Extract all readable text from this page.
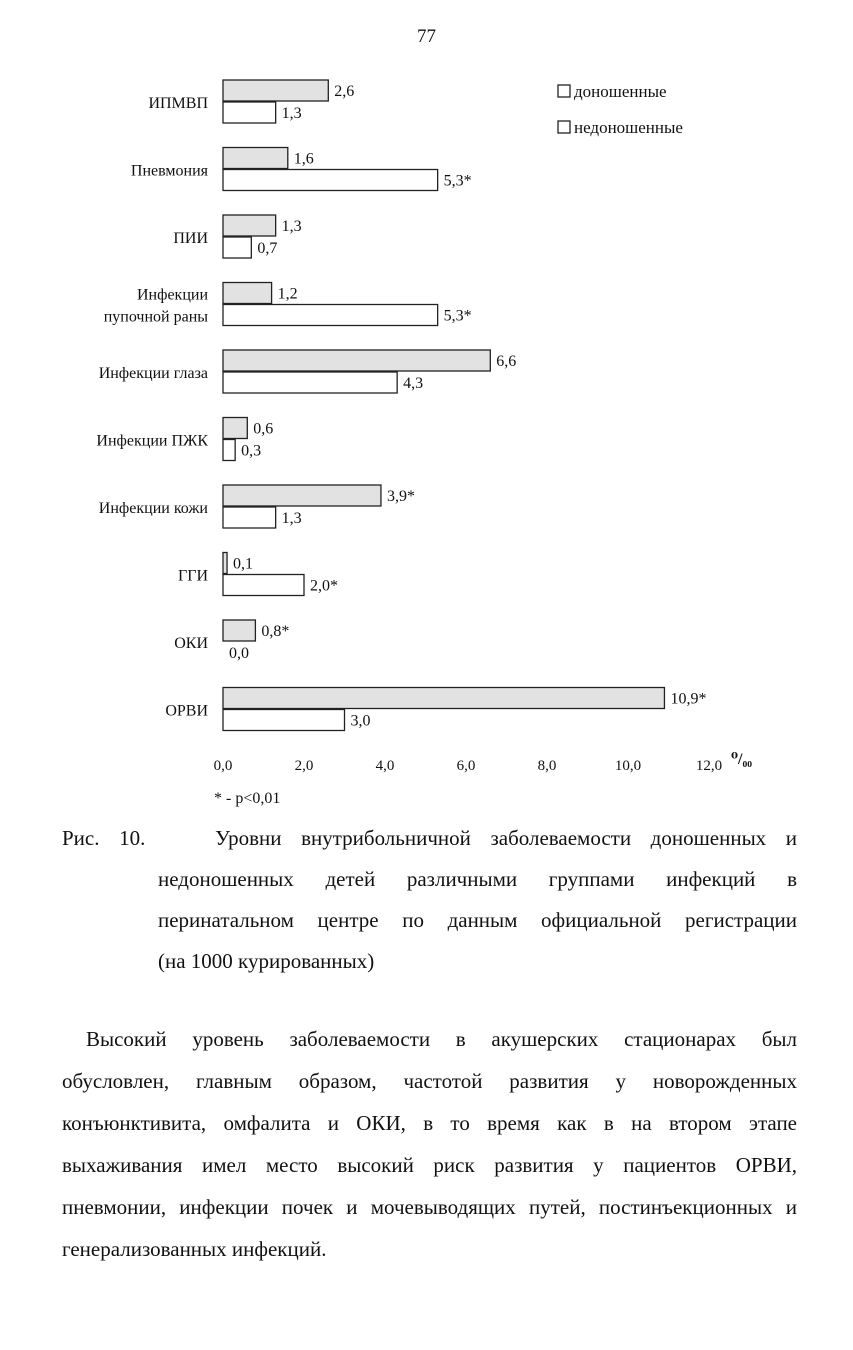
77
ИПМВП
2,6
1,3
Пневмония
1,6
5,3*
ПИИ
1,3
0,7
Инфекции
пупочной раны
1,2
5,3*
Инфекции глаза
6,6
4,3
Инфекции ПЖК
0,6
0,3
Инфекции кожи
3,9*
1,3
ГГИ
0,1
2,0*
ОКИ
0,8*
0,0
ОРВИ
10,9*
3,0
0,0	2,0	4,0	6,0	8,0	10,0	12,0 ⁰/₀₀
* - p<0,01
доношенные
недоношенные
Рис. 10.	Уровни внутрибольничной заболеваемости доношенных и
недоношенных детей различными группами инфекций в
перинатальном центре по данным официальной регистрации
(на 1000 курированных)
Высокий уровень заболеваемости в акушерских стационарах был
обусловлен, главным образом, частотой развития у новорожденных
конъюнктивита, омфалита и ОКИ, в то время как в на втором этапе
выхаживания имел место высокий риск развития у пациентов ОРВИ,
пневмонии, инфекции почек и мочевыводящих путей, постинъекционных и
генерализованных инфекций.
